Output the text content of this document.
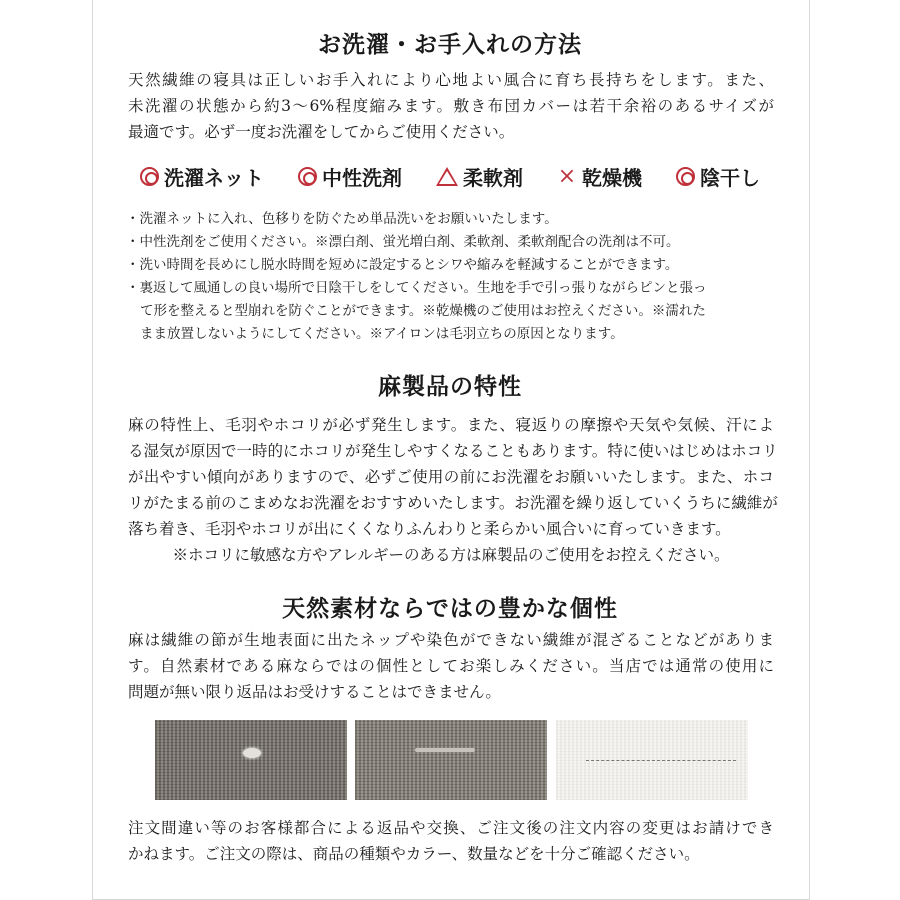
お洗濯・お手入れの方法
天然繊維の寝具は正しいお手入れにより心地よい風合に育ち長持ちをします。また、
未洗濯の状態から約3〜6%程度縮みます。敷き布団カバーは若干余裕のあるサイズが
最適です。必ず一度お洗濯をしてからご使用ください。
洗濯ネット	中性洗剤	柔軟剤 × 乾燥機	陰干し
・洗濯ネットに入れ、色移りを防ぐため単品洗いをお願いいたします。
・中性洗剤をご使用ください。※漂白剤、蛍光増白剤、柔軟剤、柔軟剤配合の洗剤は不可。
・洗い時間を長めにし脱水時間を短めに設定するとシワや縮みを軽減することができます。
・裏返して風通しの良い場所で日陰干しをしてください。生地を手で引っ張りながらピンと張っ
て形を整えると型崩れを防ぐことができます。※乾燥機のご使用はお控えください。※濡れた
まま放置しないようにしてください。※アイロンは毛羽立ちの原因となります。
麻製品の特性
麻の特性上、毛羽やホコリが必ず発生します。また、寝返りの摩擦や天気や気候、汗によ
る湿気が原因で一時的にホコリが発生しやすくなることもあります。特に使いはじめはホコリ
が出やすい傾向がありますので、必ずご使用の前にお洗濯をお願いいたします。また、ホコ
リがたまる前のこまめなお洗濯をおすすめいたします。お洗濯を繰り返していくうちに繊維が
落ち着き、毛羽やホコリが出にくくなりふんわりと柔らかい風合いに育っていきます。
※ホコリに敏感な方やアレルギーのある方は麻製品のご使用をお控えください。
天然素材ならではの豊かな個性
麻は繊維の節が生地表面に出たネップや染色ができない繊維が混ざることなどがありま
す。自然素材である麻ならではの個性としてお楽しみください。当店では通常の使用に
問題が無い限り返品はお受けすることはできません。
注文間違い等のお客様都合による返品や交換、ご注文後の注文内容の変更はお請けでき
かねます。ご注文の際は、商品の種類やカラー、数量などを十分ご確認ください。
